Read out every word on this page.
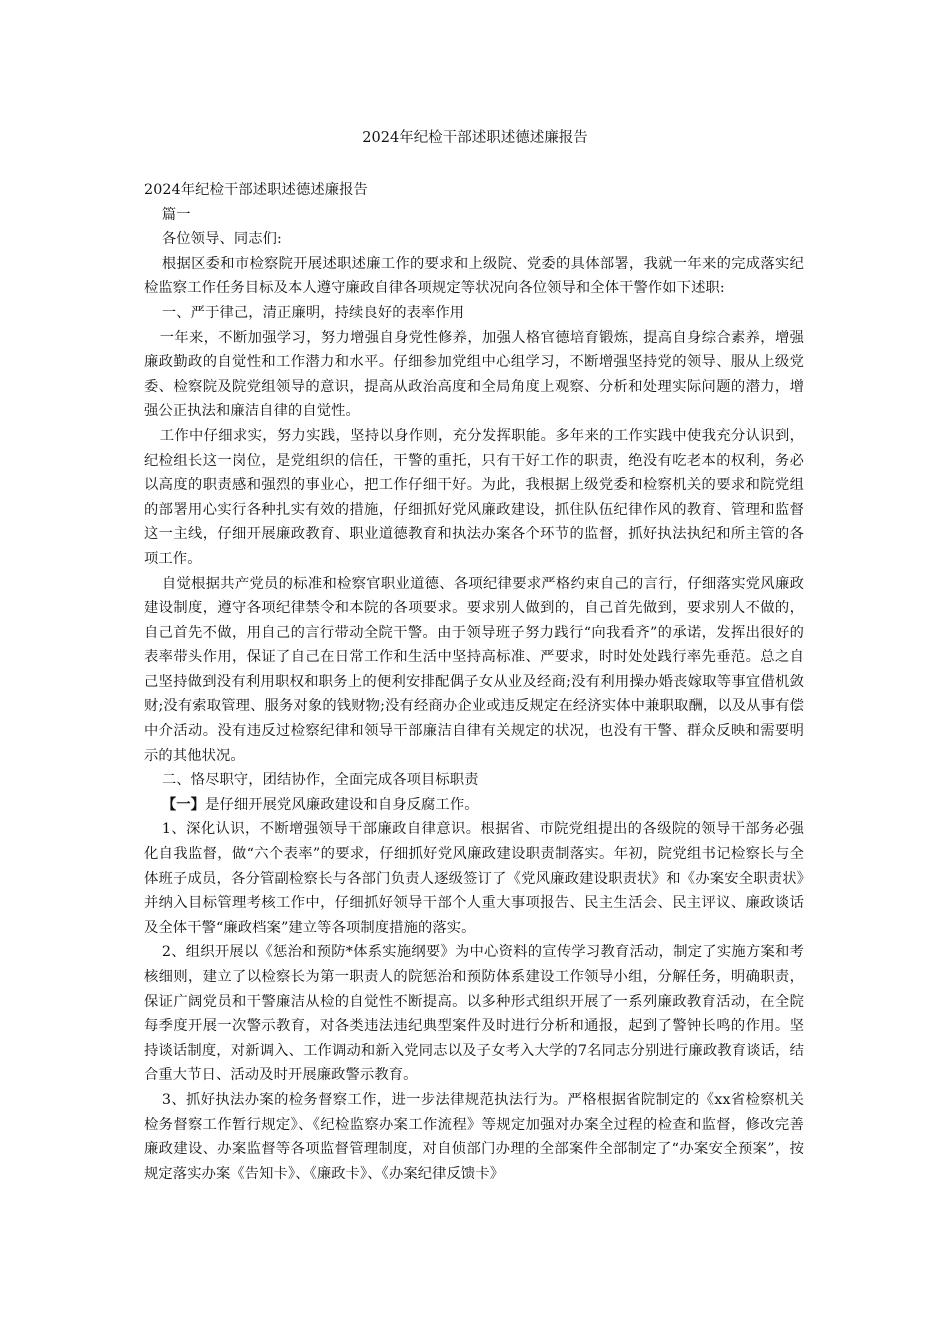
2024年纪检干部述职述德述廉报告

2024年纪检干部述职述德述廉报告

篇一

各位领导、同志们:

根据区委和市检察院开展述职述廉工作的要求和上级院、党委的具体部署，我就一年来的完成落实纪检监察工作任务目标及本人遵守廉政自律各项规定等状况向各位领导和全体干警作如下述职:

一、严于律己，清正廉明，持续良好的表率作用

一年来，不断加强学习，努力增强自身党性修养，加强人格官德培育锻炼，提高自身综合素养，增强廉政勤政的自觉性和工作潜力和水平。仔细参加党组中心组学习，不断增强坚持党的领导、服从上级党委、检察院及院党组领导的意识，提高从政治高度和全局角度上观察、分析和处理实际问题的潜力，增强公正执法和廉洁自律的自觉性。

工作中仔细求实，努力实践，坚持以身作则，充分发挥职能。多年来的工作实践中使我充分认识到，纪检组长这一岗位，是党组织的信任，干警的重托，只有干好工作的职责，绝没有吃老本的权利，务必以高度的职责感和强烈的事业心，把工作仔细干好。为此，我根据上级党委和检察机关的要求和院党组的部署用心实行各种扎实有效的措施，仔细抓好党风廉政建设，抓住队伍纪律作风的教育、管理和监督这一主线，仔细开展廉政教育、职业道德教育和执法办案各个环节的监督，抓好执法执纪和所主管的各项工作。

自觉根据共产党员的标准和检察官职业道德、各项纪律要求严格约束自己的言行，仔细落实党风廉政建设制度，遵守各项纪律禁令和本院的各项要求。要求别人做到的，自己首先做到，要求别人不做的，自己首先不做，用自己的言行带动全院干警。由于领导班子努力践行“向我看齐”的承诺，发挥出很好的表率带头作用，保证了自己在日常工作和生活中坚持高标准、严要求，时时处处践行率先垂范。总之自己坚持做到没有利用职权和职务上的便利安排配偶子女从业及经商;没有利用操办婚丧嫁取等事宜借机敛财;没有索取管理、服务对象的钱财物;没有经商办企业或违反规定在经济实体中兼职取酬，以及从事有偿中介活动。没有违反过检察纪律和领导干部廉洁自律有关规定的状况，也没有干警、群众反映和需要明示的其他状况。

二、恪尽职守，团结协作，全面完成各项目标职责

【一】是仔细开展党风廉政建设和自身反腐工作。

1、深化认识，不断增强领导干部廉政自律意识。根据省、市院党组提出的各级院的领导干部务必强化自我监督，做“六个表率”的要求，仔细抓好党风廉政建设职责制落实。年初，院党组书记检察长与全体班子成员，各分管副检察长与各部门负责人逐级签订了《党风廉政建设职责状》和《办案安全职责状》并纳入目标管理考核工作中，仔细抓好领导干部个人重大事项报告、民主生活会、民主评议、廉政谈话及全体干警“廉政档案”建立等各项制度措施的落实。

2、组织开展以《惩治和预防*体系实施纲要》为中心资料的宣传学习教育活动，制定了实施方案和考核细则，建立了以检察长为第一职责人的院惩治和预防体系建设工作领导小组，分解任务，明确职责，保证广阔党员和干警廉洁从检的自觉性不断提高。以多种形式组织开展了一系列廉政教育活动，在全院每季度开展一次警示教育，对各类违法违纪典型案件及时进行分析和通报，起到了警钟长鸣的作用。坚持谈话制度，对新调入、工作调动和新入党同志以及子女考入大学的7名同志分别进行廉政教育谈话，结合重大节日、活动及时开展廉政警示教育。

3、抓好执法办案的检务督察工作，进一步法律规范执法行为。严格根据省院制定的《xx省检察机关检务督察工作暂行规定》、《纪检监察办案工作流程》等规定加强对办案全过程的检查和监督，修改完善廉政建设、办案监督等各项监督管理制度，对自侦部门办理的全部案件全部制定了“办案安全预案”，按规定落实办案《告知卡》、《廉政卡》、《办案纪律反馈卡》
